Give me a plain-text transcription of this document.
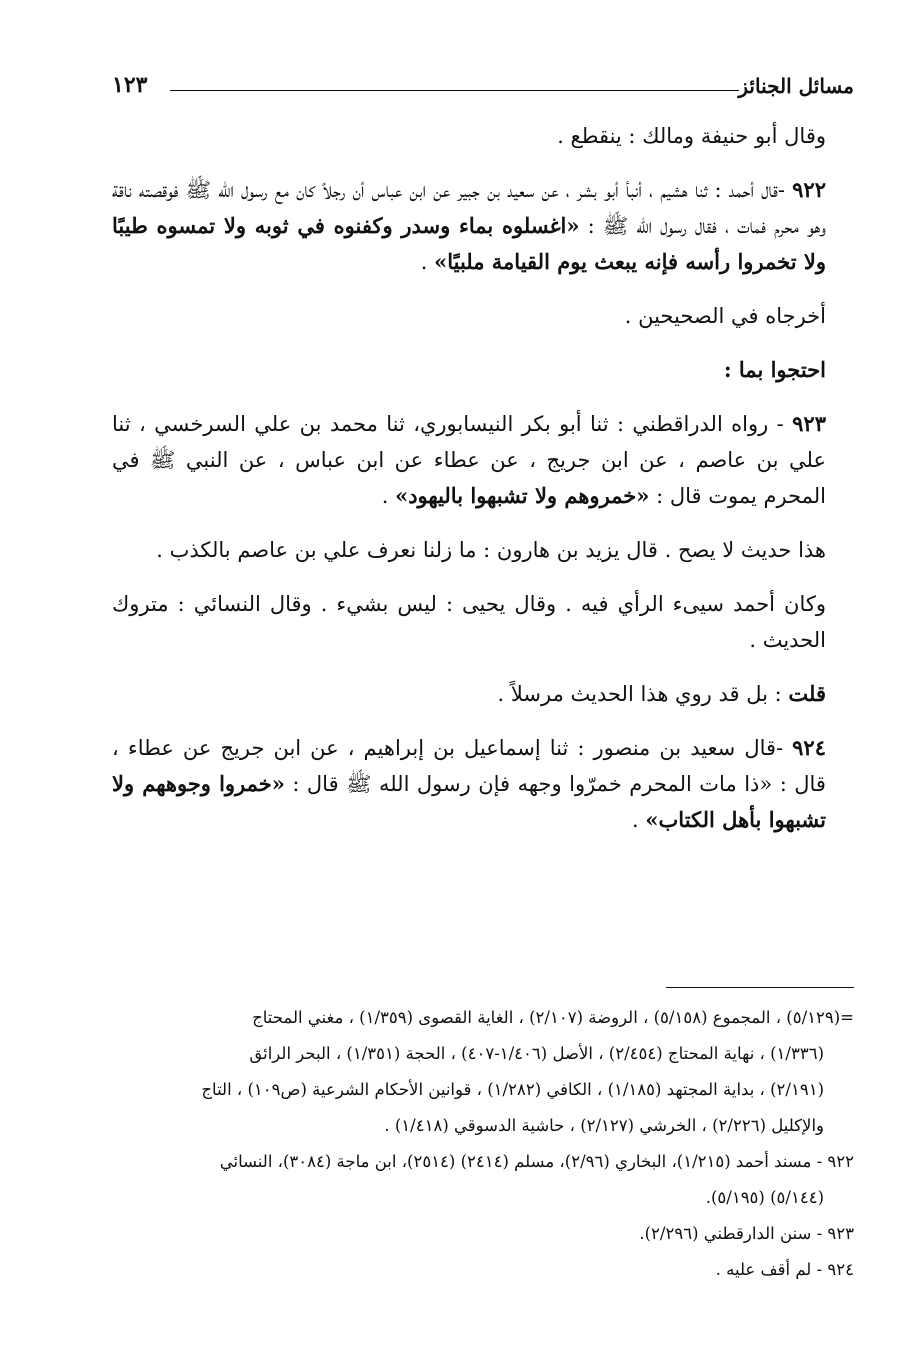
مسائل الجنائز
١٢٣

وقال أبو حنيفة ومالك : ينقطع .

٩٢٢ -قال أحمد : ثنا هشيم ، أنبأ أبو بشر ، عن سعيد بن جبير عن ابن عباس أن رجلاً كان مع رسول الله ﷺ فوقصته ناقة وهو محرم فمات ، فقال رسول الله ﷺ : «اغسلوه بماء وسدر وكفنوه في ثوبه ولا تمسوه طيبًا ولا تخمروا رأسه فإنه يبعث يوم القيامة ملبيًا» .

أخرجاه في الصحيحين .

احتجوا بما :

٩٢٣ - رواه الدراقطني : ثنا أبو بكر النيسابوري، ثنا محمد بن علي السرخسي ، ثنا علي بن عاصم ، عن ابن جريج ، عن عطاء عن ابن عباس ، عن النبي ﷺ في المحرم يموت قال : «خمروهم ولا تشبهوا باليهود» .

هذا حديث لا يصح . قال يزيد بن هارون : ما زلنا نعرف علي بن عاصم بالكذب .

وكان أحمد سيىء الرأي فيه . وقال يحيى : ليس بشيء . وقال النسائي : متروك الحديث .

قلت : بل قد روي هذا الحديث مرسلاً .

٩٢٤ -قال سعيد بن منصور : ثنا إسماعيل بن إبراهيم ، عن ابن جريج عن عطاء ، قال : «ذا مات المحرم خمرّوا وجهه فإن رسول الله ﷺ قال : «خمروا وجوههم ولا تشبهوا بأهل الكتاب» .

=(٥/١٢٩) ، المجموع (٥/١٥٨) ، الروضة (٢/١٠٧) ، الغاية القصوى (١/٣٥٩) ، مغني المحتاج

(١/٣٣٦) ، نهاية المحتاج (٢/٤٥٤) ، الأصل (١/٤٠٦-٤٠٧) ، الحجة (١/٣٥١) ، البحر الرائق

(٢/١٩١) ، بداية المجتهد (١/١٨٥) ، الكافي (١/٢٨٢) ، قوانين الأحكام الشرعية (ص١٠٩) ، التاج

والإكليل (٢/٢٢٦) ، الخرشي (٢/١٢٧) ، حاشية الدسوقي (١/٤١٨) .

٩٢٢ - مسند أحمد (١/٢١٥)، البخاري (٢/٩٦)، مسلم (٢٤١٤) (٢٥١٤)، ابن ماجة (٣٠٨٤)، النسائي

(٥/١٤٤) (٥/١٩٥).

٩٢٣ - سنن الدارقطني (٢/٢٩٦).

٩٢٤ - لم أقف عليه .
